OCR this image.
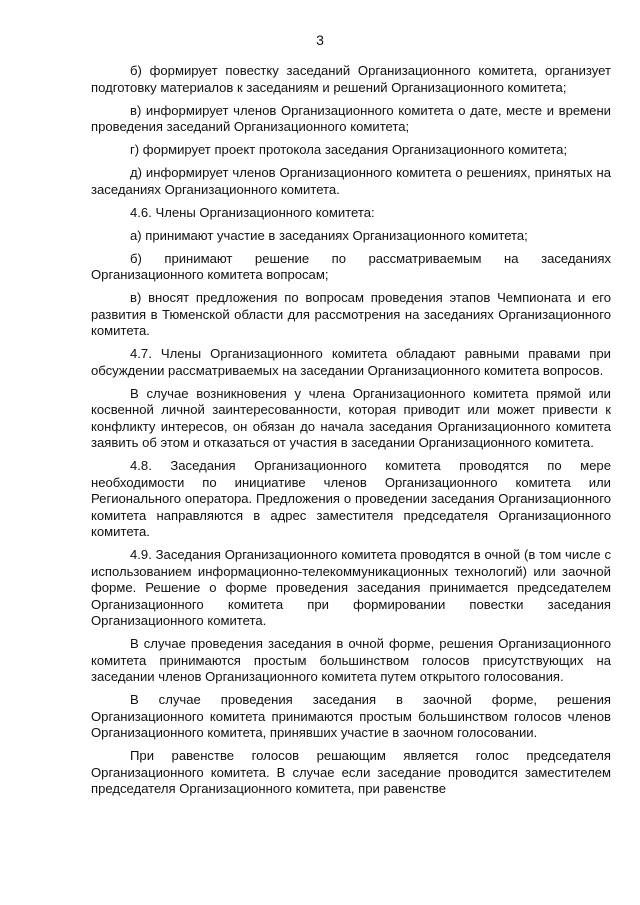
3

б) формирует повестку заседаний Организационного комитета, организует подготовку материалов к заседаниям и решений Организационного комитета;

в) информирует членов Организационного комитета о дате, месте и времени проведения заседаний Организационного комитета;

г) формирует проект протокола заседания Организационного комитета;

д) информирует членов Организационного комитета о решениях, принятых на заседаниях Организационного комитета.

4.6. Члены Организационного комитета:

а) принимают участие в заседаниях Организационного комитета;

б) принимают решение по рассматриваемым на заседаниях Организационного комитета вопросам;

в) вносят предложения по вопросам проведения этапов Чемпионата и его развития в Тюменской области для рассмотрения на заседаниях Организационного комитета.

4.7. Члены Организационного комитета обладают равными правами при обсуждении рассматриваемых на заседании Организационного комитета вопросов.

В случае возникновения у члена Организационного комитета прямой или косвенной личной заинтересованности, которая приводит или может привести к конфликту интересов, он обязан до начала заседания Организационного комитета заявить об этом и отказаться от участия в заседании Организационного комитета.

4.8. Заседания Организационного комитета проводятся по мере необходимости по инициативе членов Организационного комитета или Регионального оператора. Предложения о проведении заседания Организационного комитета направляются в адрес заместителя председателя Организационного комитета.

4.9. Заседания Организационного комитета проводятся в очной (в том числе с использованием информационно-телекоммуникационных технологий) или заочной форме. Решение о форме проведения заседания принимается председателем Организационного комитета при формировании повестки заседания Организационного комитета.

В случае проведения заседания в очной форме, решения Организационного комитета принимаются простым большинством голосов присутствующих на заседании членов Организационного комитета путем открытого голосования.

В случае проведения заседания в заочной форме, решения Организационного комитета принимаются простым большинством голосов членов Организационного комитета, принявших участие в заочном голосовании.

При равенстве голосов решающим является голос председателя Организационного комитета. В случае если заседание проводится заместителем председателя Организационного комитета, при равенстве
